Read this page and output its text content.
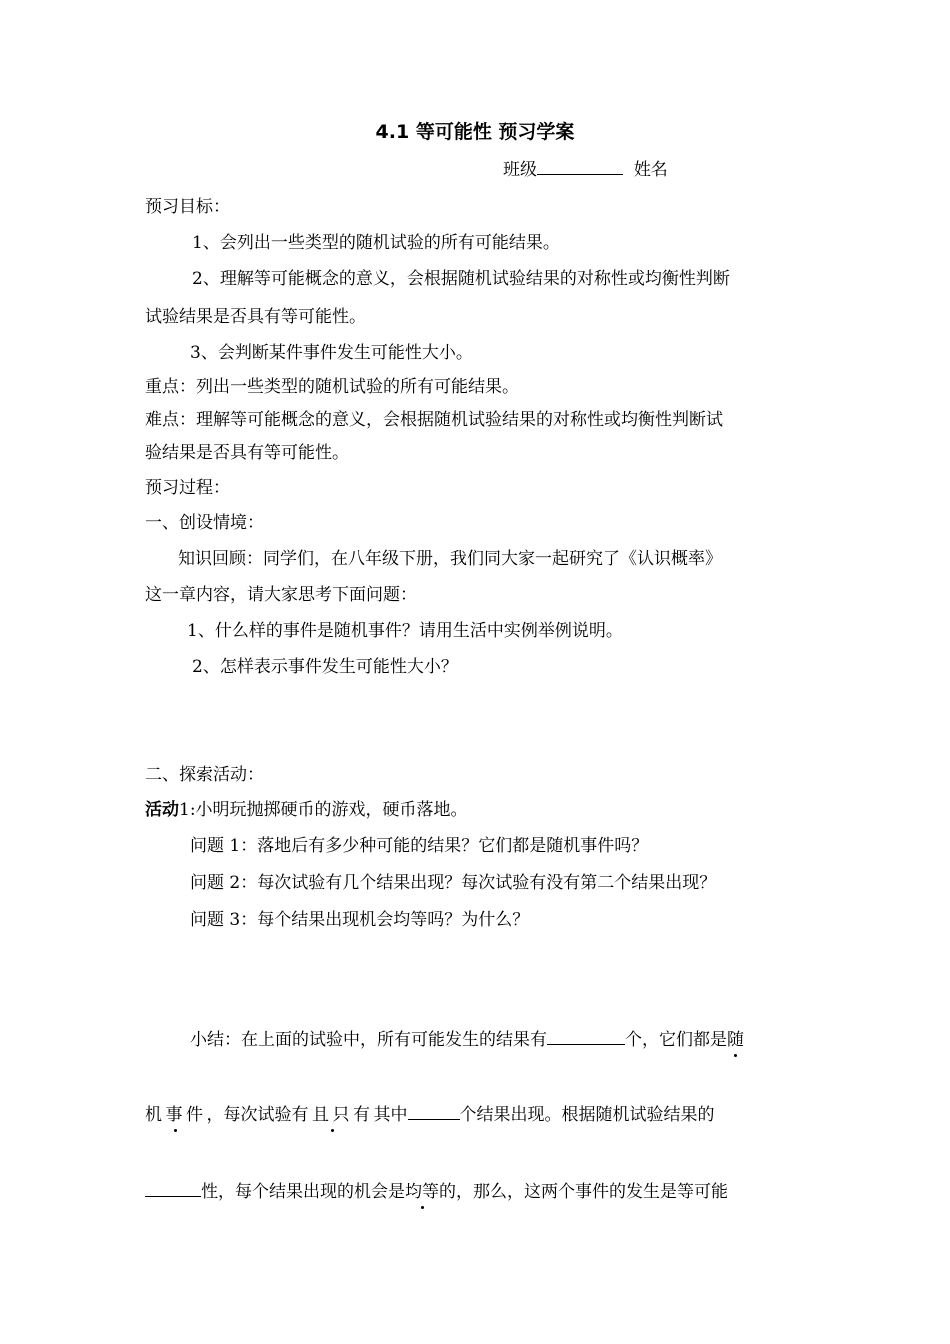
4.1 等可能性 预习学案
班级	姓名
预习目标：
1、会列出一些类型的随机试验的所有可能结果。
2、理解等可能概念的意义，会根据随机试验结果的对称性或均衡性判断
试验结果是否具有等可能性。
3、会判断某件事件发生可能性大小。
重点：列出一些类型的随机试验的所有可能结果。
难点：理解等可能概念的意义，会根据随机试验结果的对称性或均衡性判断试
验结果是否具有等可能性。
预习过程：
一、创设情境：
知识回顾：同学们，在八年级下册，我们同大家一起研究了《认识概率》
这一章内容，请大家思考下面问题：
1、什么样的事件是随机事件？请用生活中实例举例说明。
2、怎样表示事件发生可能性大小？
二、探索活动：
活动1:小明玩抛掷硬币的游戏，硬币落地。
问题 1：落地后有多少种可能的结果？它们都是随机事件吗？
问题 2：每次试验有几个结果出现？每次试验有没有第二个结果出现？
问题 3：每个结果出现机会均等吗？为什么？
小结：在上面的试验中，所有可能发生的结果有	个，它们都是随
机事件，每次试验有且只有其中	个结果出现。根据随机试验结果的
性，每个结果出现的机会是均等的，那么，这两个事件的发生是等可能
